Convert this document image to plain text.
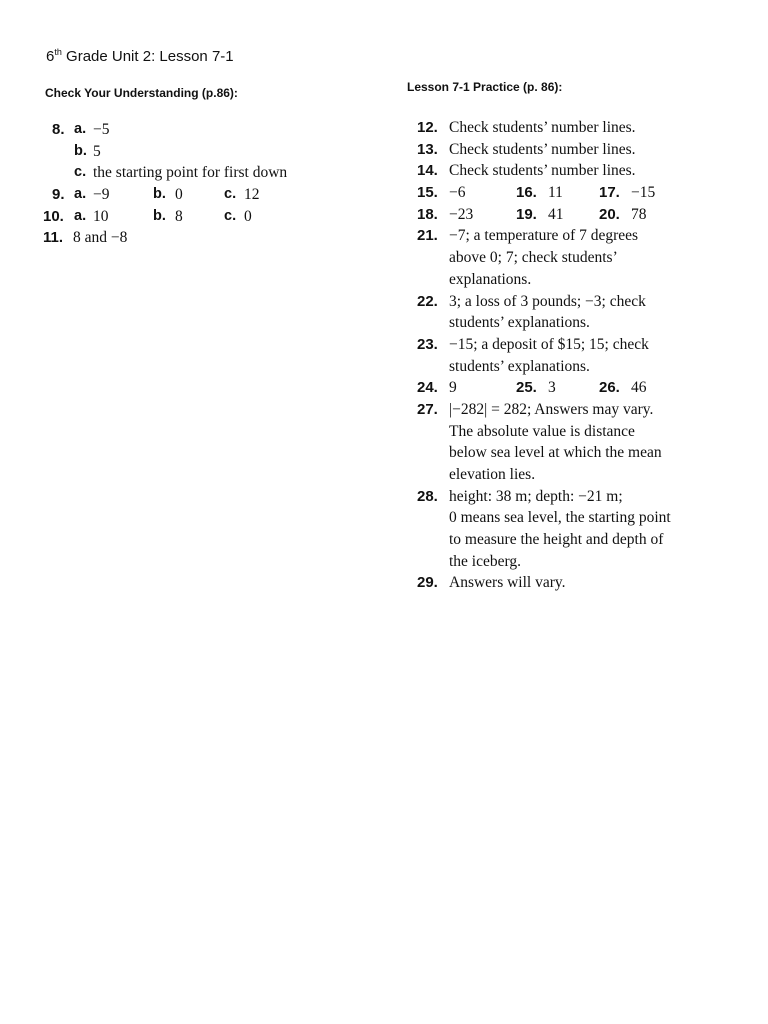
6th Grade Unit 2: Lesson 7-1
Check Your Understanding (p.86):	Lesson 7-1 Practice (p. 86):
8. a. −5
b. 5
c. the starting point for first down
9. a. −9	b. 0	c. 12
10. a. 10	b. 8	c. 0
11. 8 and −8
12. Check students’ number lines.
13. Check students’ number lines.
14. Check students’ number lines.
15. −6	16. 11 17. −15
18. −23	19. 41 20. 78
21. −7; a temperature of 7 degrees
above 0; 7; check students’
explanations.
22. 3; a loss of 3 pounds; −3; check
students’ explanations.
23. −15; a deposit of $15; 15; check
students’ explanations.
24. 9	25. 3	26. 46
27. |−282| = 282; Answers may vary.
The absolute value is distance
below sea level at which the mean
elevation lies.
28. height: 38 m; depth: −21 m;
0 means sea level, the starting point
to measure the height and depth of
the iceberg.
29. Answers will vary.
